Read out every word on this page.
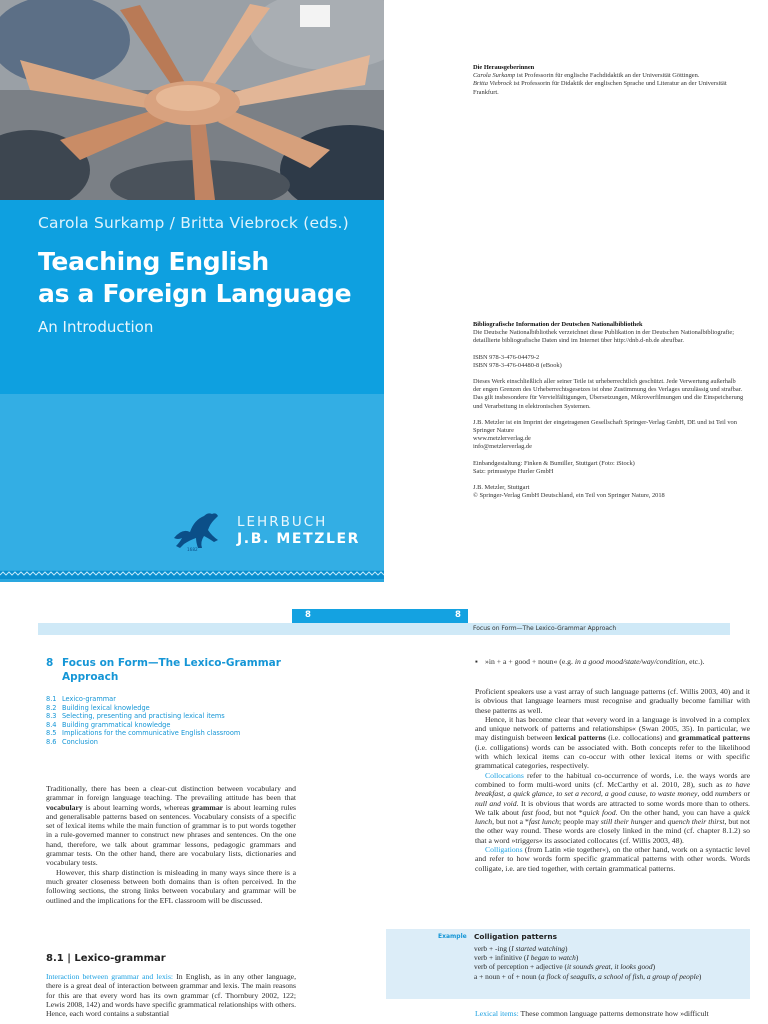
Carola Surkamp / Britta Viebrock (eds.)
Teaching English
as a Foreign Language
An Introduction
1682
LEHRBUCH
J.B. METZLER

Die Herausgeberinnen

Carola Surkamp ist Professorin für englische Fachdidaktik an der Universität Göttingen.

Britta Viebrock ist Professorin für Didaktik der englischen Sprache und Literatur an der Universität Frankfurt.

Bibliografische Information der Deutschen Nationalbibliothek

Die Deutsche Nationalbibliothek verzeichnet diese Publikation in der Deutschen Nationalbibliografie; detaillierte bibliografische Daten sind im Internet über http://dnb.d-nb.de abrufbar.

ISBN 978-3-476-04479-2

ISBN 978-3-476-04480-8 (eBook)

Dieses Werk einschließlich aller seiner Teile ist urheberrechtlich geschützt. Jede Verwertung außerhalb der engen Grenzen des Urheberrechtsgesetzes ist ohne Zustimmung des Verlages unzulässig und strafbar. Das gilt insbesondere für Vervielfältigungen, Übersetzungen, Mikroverfilmungen und die Einspeicherung und Verarbeitung in elektronischen Systemen.

J.B. Metzler ist ein Imprint der eingetragenen Gesellschaft Springer-Verlag GmbH, DE und ist Teil von Springer Nature

www.metzlerverlag.de

info@metzlerverlag.de

Einbandgestaltung: Finken & Bumiller, Stuttgart (Foto: iStock)

Satz: primustype Hurler GmbH

J.B. Metzler, Stuttgart

© Springer-Verlag GmbH Deutschland, ein Teil von Springer Nature, 2018

8	8
Focus on Form—The Lexico-Grammar Approach
8 Focus on Form—The Lexico-Grammar Approach
8.1 Lexico-grammar
8.2 Building lexical knowledge
8.3 Selecting, presenting and practising lexical items
8.4 Building grammatical knowledge
8.5 Implications for the communicative English classroom
8.6 Conclusion

Traditionally, there has been a clear-cut distinction between vocabulary and grammar in foreign language teaching. The prevailing attitude has been that vocabulary is about learning words, whereas grammar is about learning rules and generalisable patterns based on sentences. Vocabulary consists of a specific set of lexical items while the main function of grammar is to put words together in a rule-governed manner to construct new phrases and sentences. On the one hand, therefore, we talk about grammar lessons, pedagogic grammars and grammar tests. On the other hand, there are vocabulary lists, dictionaries and vocabulary tests.

However, this sharp distinction is misleading in many ways since there is a much greater closeness between both domains than is often perceived. In the following sections, the strong links between vocabulary and grammar will be outlined and the implications for the EFL classroom will be discussed.

8.1 | Lexico-grammar

Interaction between grammar and lexis: In English, as in any other language, there is a great deal of interaction between grammar and lexis. The main reasons for this are that every word has its own grammar (cf. Thornbury 2002, 122; Lewis 2008, 142) and words have specific grammatical relationships with others. Hence, each word contains a substantial

▪ »in + a + good + noun« (e.g. in a good mood/state/way/condition, etc.).

Proficient speakers use a vast array of such language patterns (cf. Willis 2003, 40) and it is obvious that language learners must recognise and gradually become familiar with these patterns as well.

Hence, it has become clear that »every word in a language is involved in a complex and unique network of patterns and relationships« (Swan 2005, 35). In particular, we may distinguish between lexical patterns (i.e. collocations) and grammatical patterns (i.e. colligations) words can be associated with. Both concepts refer to the likelihood with which lexical items can co-occur with other lexical items or with specific grammatical categories, respectively.

Collocations refer to the habitual co-occurrence of words, i.e. the ways words are combined to form multi-word units (cf. McCarthy et al. 2010, 28), such as to have breakfast, a quick glance, to set a record, a good cause, to waste money, odd numbers or null and void. It is obvious that words are attracted to some words more than to others. We talk about fast food, but not *quick food. On the other hand, you can have a quick lunch, but not a *fast lunch; people may still their hunger and quench their thirst, but not the other way round. These words are closely linked in the mind (cf. chapter 8.1.2) so that a word »triggers« its associated collocates (cf. Willis 2003, 48).

Colligations (from Latin »tie together«), on the other hand, work on a syntactic level and refer to how words form specific grammatical patterns with other words. Words colligate, i.e. are tied together, with certain grammatical patterns.

Example Colligation patterns

verb + -ing (I started watching)

verb + infinitive (I began to watch)

verb of perception + adjective (it sounds great, it looks good)

a + noun + of + noun (a flock of seagulls, a school of fish, a group of people)

Lexical items: These common language patterns demonstrate how »difficult
